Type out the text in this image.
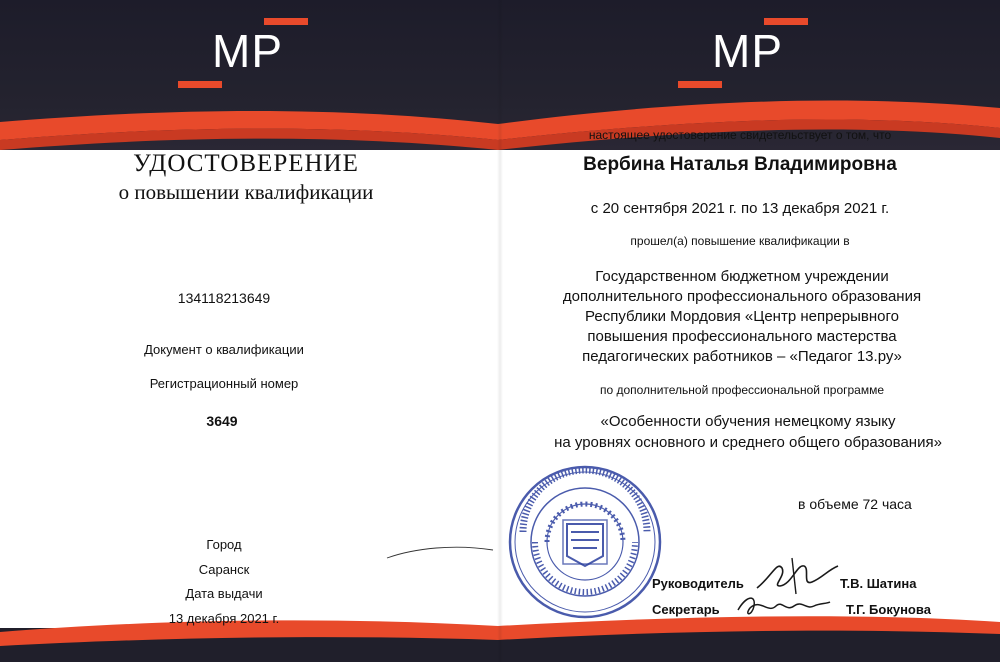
МР	МР
УДОСТОВЕРЕНИЕ
о повышении квалификации
134118213649
Документ о квалификации
Регистрационный номер
3649
Город
Саранск
Дата выдачи
13 декабря 2021 г.
настоящее удостоверение свидетельствует о том, что
Вербина Наталья Владимировна
с 20 сентября 2021 г. по 13 декабря 2021 г.
прошел(а) повышение квалификации в
Государственном бюджетном учреждении
дополнительного профессионального образования
Республики Мордовия «Центр непрерывного
повышения профессионального мастерства
педагогических работников – «Педагог 13.ру»
по дополнительной профессиональной программе
«Особенности обучения немецкому языку
на уровнях основного и среднего общего образования»
в объеме 72 часа
Руководитель	Т.В. Шатина
Секретарь	Т.Г. Бокунова
